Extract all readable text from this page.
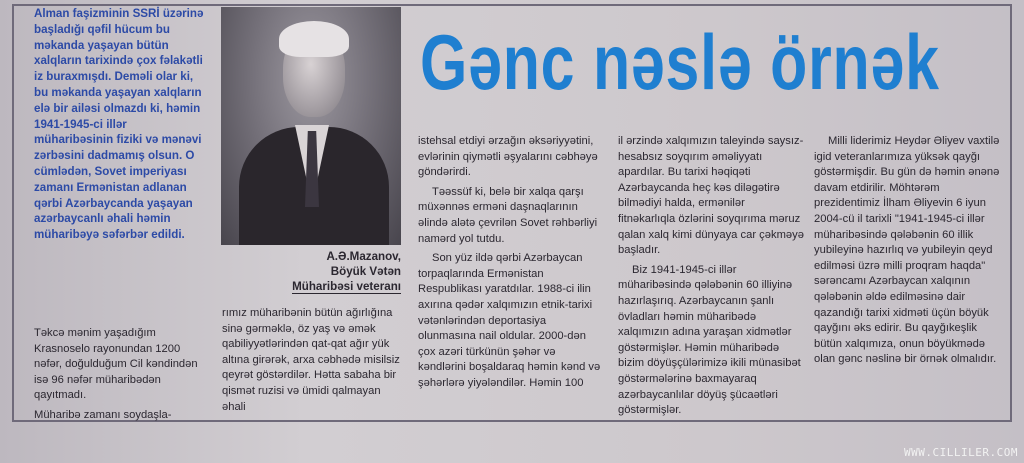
Alman faşizminin SSRİ üzərinə başladığı qəfil hücum bu məkanda yaşayan bütün xalqların tarixində çox fəlakətli iz buraxmışdı. Deməli olar ki, bu məkanda yaşayan xalqların elə bir ailəsi olmazdı ki, həmin 1941-1945-ci illər müharibəsinin fiziki və mənəvi zərbəsini dadmamış olsun. O cümlədən, Sovet imperiyası zamanı Ermənistan adlanan qərbi Azərbaycanda yaşayan azərbaycanlı əhali həmin müharibəyə səfərbər edildi.

Təkcə mənim yaşadığım Krasnoselo rayonundan 1200 nəfər, doğulduğum Cil kəndindən isə 96 nəfər müharibədən qayıtmadı.

Müharibə zamanı soydaşla-

A.Ə.Mazanov,
Böyük Vətən
Müharibəsi veteranı

rımız müharibənin bütün ağırlığına sinə gərməklə, öz yaş və əmək qabiliyyətlərindən qat-qat ağır yük altına girərək, arxa cəbhədə misilsiz qeyrət göstərdilər. Hətta sabaha bir qismət ruzisi və ümidi qalmayan əhali

Gənc nəslə örnək

istehsal etdiyi ərzağın əksəriyyətini, evlərinin qiymətli əşyalarını cəbhəyə göndərirdi.

Təəssüf ki, belə bir xalqa qarşı müxənnəs erməni daşnaqlarının əlində alətə çevrilən Sovet rəhbərliyi namərd yol tutdu.

Son yüz ildə qərbi Azərbaycan torpaqlarında Ermənistan Respublikası yaratdılar. 1988-ci ilin axırına qədər xalqımızın etnik-tarixi vətənlərindən deportasiya olunmasına nail oldular. 2000-dən çox azəri türkünün şəhər və kəndlərini boşaldaraq həmin kənd və şəhərlərə yiyələndilər. Həmin 100

il ərzində xalqımızın taleyində saysız-hesabsız soyqırım əməliyyatı apardılar. Bu tarixi həqiqəti Azərbaycanda heç kəs diləgətirə bilmədiyi halda, ermənilər fitnəkarlıqla özlərini soyqırıma məruz qalan xalq kimi dünyaya car çəkməyə başladır.

Biz 1941-1945-ci illər müharibəsində qələbənin 60 illiyinə hazırlaşırıq. Azərbaycanın şanlı övladları həmin müharibədə xalqımızın adına yaraşan xidmətlər göstərmişlər. Həmin müharibədə bizim döyüşçülərimizə ikili münasibət göstərmələrinə baxmayaraq azərbaycanlılar döyüş şücaətləri göstərmişlər.

Milli liderimiz Heydər Əliyev vaxtilə igid veteranlarımıza yüksək qayğı göstərmişdir. Bu gün də həmin ənənə davam etdirilir. Möhtərəm prezidentimiz İlham Əliyevin 6 iyun 2004-cü il tarixli "1941-1945-ci illər müharibəsində qələbənin 60 illik yubileyinə hazırlıq və yubileyin qeyd edilməsi üzrə milli proqram haqda" sərəncamı Azərbaycan xalqının qələbənin əldə edilməsinə dair qazandığı tarixi xidməti üçün böyük qayğını əks edirir. Bu qayğıkeşlik bütün xalqımıza, onun böyükmədə olan gənc nəslinə bir örnək olmalıdır.

WWW.CILLILER.COM
